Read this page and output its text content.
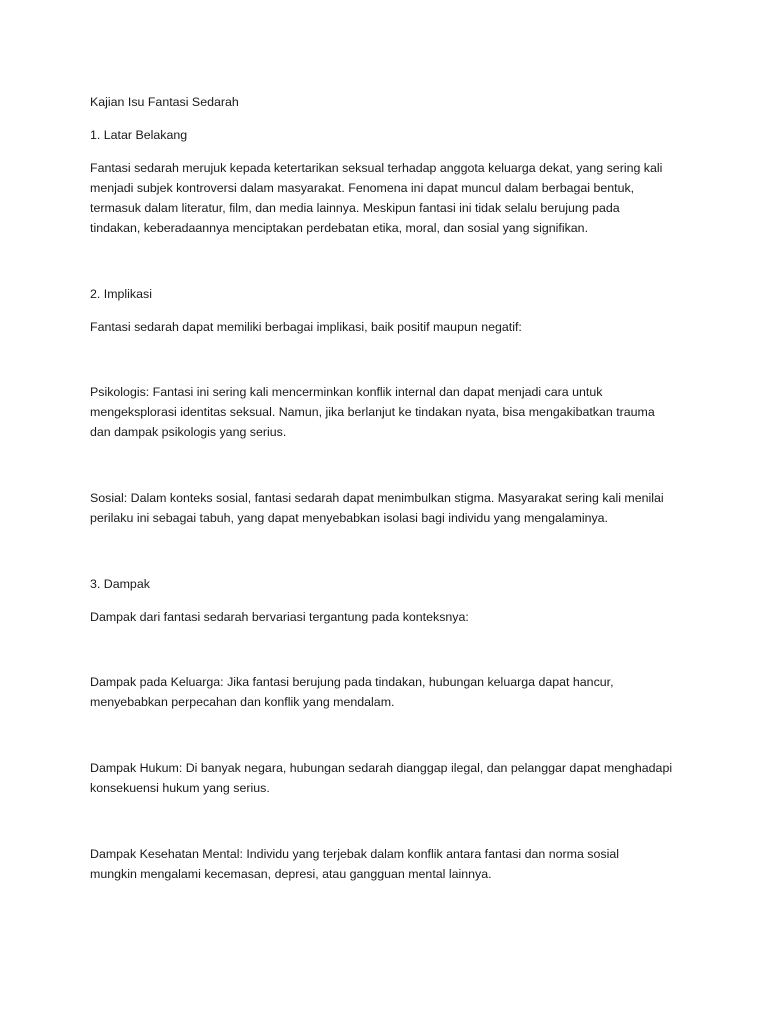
Kajian Isu Fantasi Sedarah

1. Latar Belakang

Fantasi sedarah merujuk kepada ketertarikan seksual terhadap anggota keluarga dekat, yang sering kali

menjadi subjek kontroversi dalam masyarakat. Fenomena ini dapat muncul dalam berbagai bentuk,

termasuk dalam literatur, film, dan media lainnya. Meskipun fantasi ini tidak selalu berujung pada

tindakan, keberadaannya menciptakan perdebatan etika, moral, dan sosial yang signifikan.

2. Implikasi

Fantasi sedarah dapat memiliki berbagai implikasi, baik positif maupun negatif:

Psikologis: Fantasi ini sering kali mencerminkan konflik internal dan dapat menjadi cara untuk

mengeksplorasi identitas seksual. Namun, jika berlanjut ke tindakan nyata, bisa mengakibatkan trauma

dan dampak psikologis yang serius.

Sosial: Dalam konteks sosial, fantasi sedarah dapat menimbulkan stigma. Masyarakat sering kali menilai

perilaku ini sebagai tabuh, yang dapat menyebabkan isolasi bagi individu yang mengalaminya.

3. Dampak

Dampak dari fantasi sedarah bervariasi tergantung pada konteksnya:

Dampak pada Keluarga: Jika fantasi berujung pada tindakan, hubungan keluarga dapat hancur,

menyebabkan perpecahan dan konflik yang mendalam.

Dampak Hukum: Di banyak negara, hubungan sedarah dianggap ilegal, dan pelanggar dapat menghadapi

konsekuensi hukum yang serius.

Dampak Kesehatan Mental: Individu yang terjebak dalam konflik antara fantasi dan norma sosial

mungkin mengalami kecemasan, depresi, atau gangguan mental lainnya.
